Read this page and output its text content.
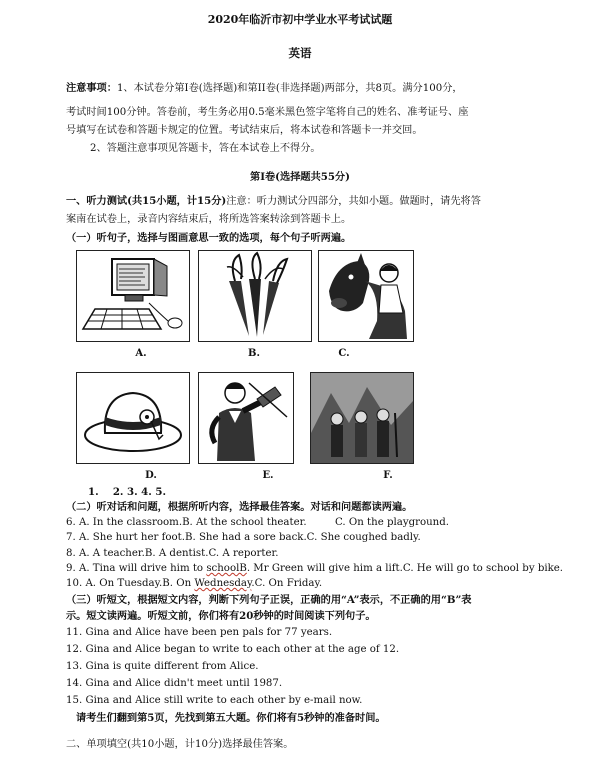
2020年临沂市初中学业水平考试试题
英语
注意事项：1、本试卷分第I卷(选择题)和第II卷(非选择题)两部分，共8页。满分100分，
考试时间100分钟。答卷前，考生务必用0.5毫米黑色签字笔将自己的姓名、准考证号、座
号填写在试卷和答题卡规定的位置。考试结束后，将本试卷和答题卡一并交回。
2、答题注意事项见答题卡，答在本试卷上不得分。
第I卷(选择题共55分)
一、听力测试(共15小题，计15分)注意：听力测试分四部分，共如小题。做题时，请先将答
案南在试卷上，录音内容结束后，将所选答案转涂到答题卡上。
（一）听句子，选择与图画意思一致的选项，每个句子听两遍。
A.	B.	C.
D.	E.	F.
1.    2. 3. 4. 5.
（二）听对话和问题，根据所听内容，选择最佳答案。对话和问题都读两遍。
6. A. In the classroom.B. At the school theater.	C. On the playground.
7. A. She hurt her foot.B. She had a sore back.C. She coughed badly.
8. A. A teacher.B. A dentist.C. A reporter.
9. A. Tina will drive him to schoolB. Mr Green will give him a lift.C. He will go to school by bike.
10. A. On Tuesday.B. On Wednesday.C. On Friday.
（三）听短文，根据短文内容，判断下列句子正误，正确的用“A”表示，不正确的用“B”表
示。短文读两遍。听短文前，你们将有20秒钟的时间阅读下列句子。
11. Gina and Alice have been pen pals for 77 years.
12. Gina and Alice began to write to each other at the age of 12.
13. Gina is quite different from Alice.
14. Gina and Alice didn't meet until 1987.
15. Gina and Alice still write to each other by e-mail now.
请考生们翻到第5页，先找到第五大题。你们将有5秒钟的准备时间。
二、单项填空(共10小题，计10分)选择最佳答案。
